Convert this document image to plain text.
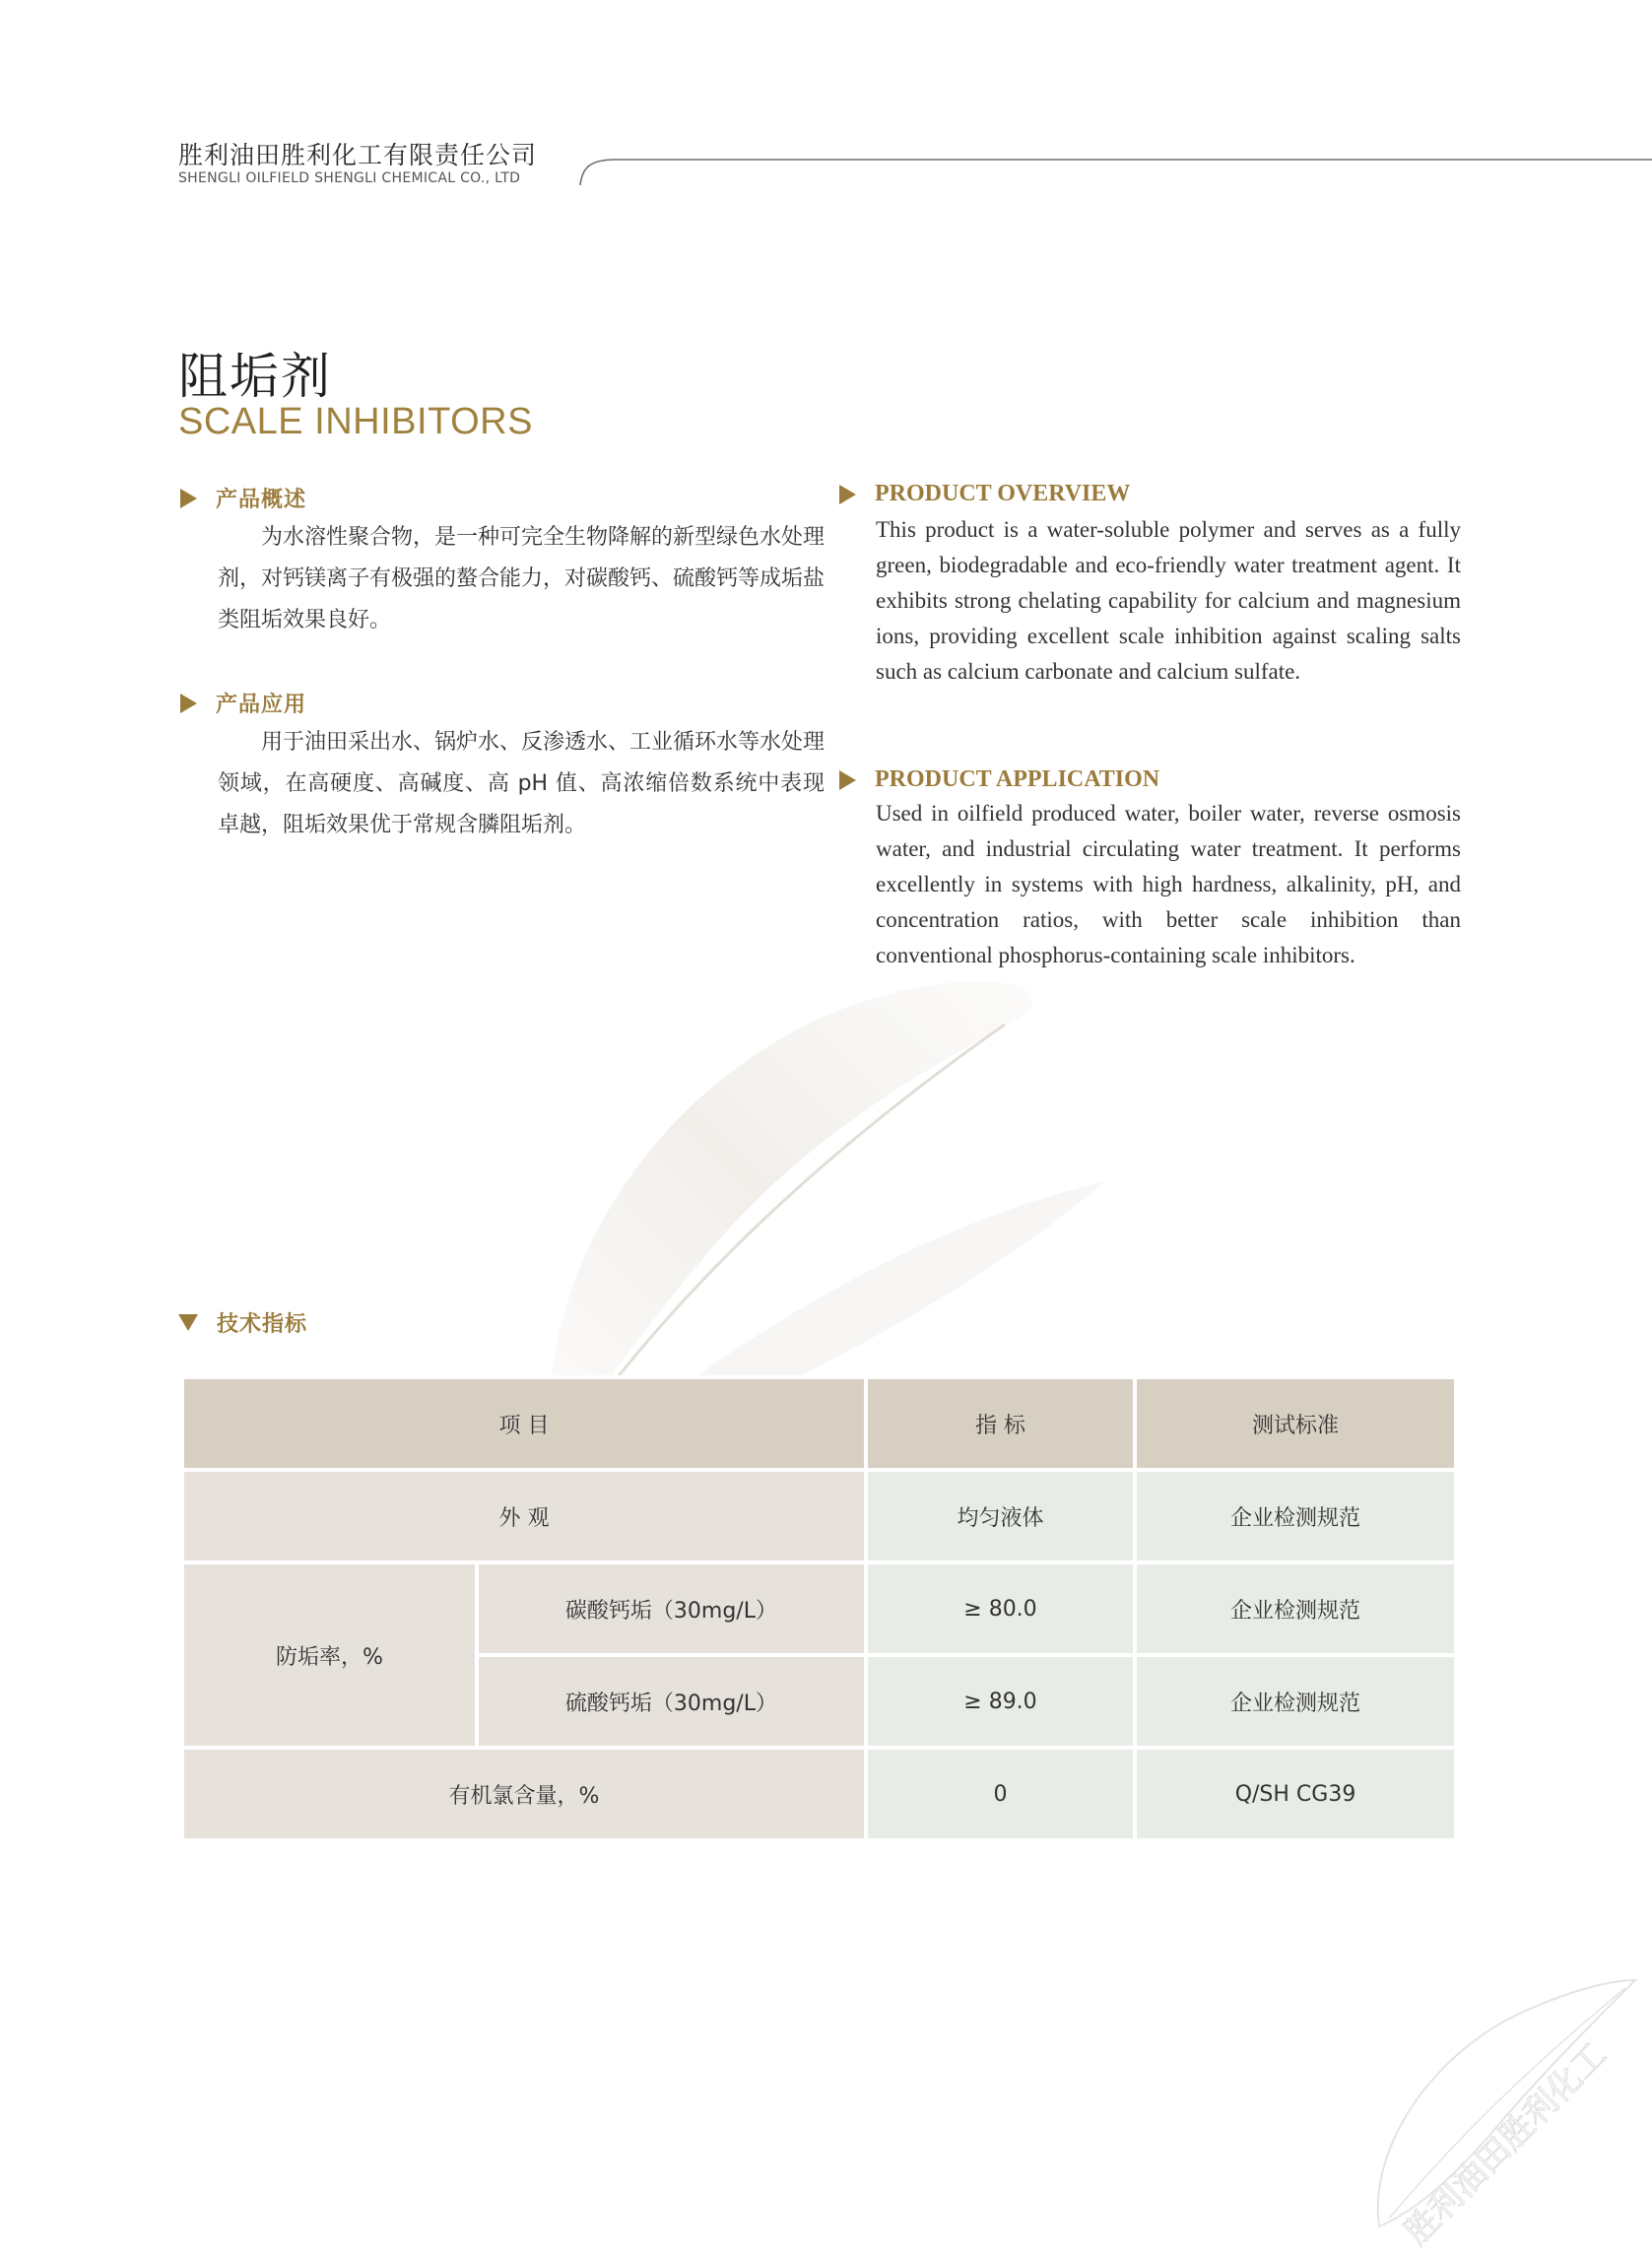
胜利油田胜利化工有限责任公司
SHENGLI OILFIELD SHENGLI CHEMICAL CO., LTD
阻垢剂
SCALE INHIBITORS
产品概述

为水溶性聚合物，是一种可完全生物降解的新型绿色水处理剂，对钙镁离子有极强的螯合能力，对碳酸钙、硫酸钙等成垢盐类阻垢效果良好。

产品应用

用于油田采出水、锅炉水、反渗透水、工业循环水等水处理领域，在高硬度、高碱度、高 pH 值、高浓缩倍数系统中表现卓越，阻垢效果优于常规含膦阻垢剂。

PRODUCT OVERVIEW

This product is a water-soluble polymer and serves as a fully green, biodegradable and eco-friendly water treatment agent. It exhibits strong chelating capability for calcium and magnesium ions, providing excellent scale inhibition against scaling salts such as calcium carbonate and calcium sulfate.

PRODUCT APPLICATION

Used in oilfield produced water, boiler water, reverse osmosis water, and industrial circulating water treatment. It performs excellently in systems with high hardness, alkalinity, pH, and concentration ratios, with better scale inhibition than conventional phosphorus-containing scale inhibitors.

技术指标
项 目		指 标	测试标准
外 观		均匀液体	企业检测规范
防垢率，%	碳酸钙垢（30mg/L）	≥ 80.0	企业检测规范
	硫酸钙垢（30mg/L）	≥ 89.0	企业检测规范
有机氯含量，%		0	Q/SH CG39
胜利油田胜利化工
